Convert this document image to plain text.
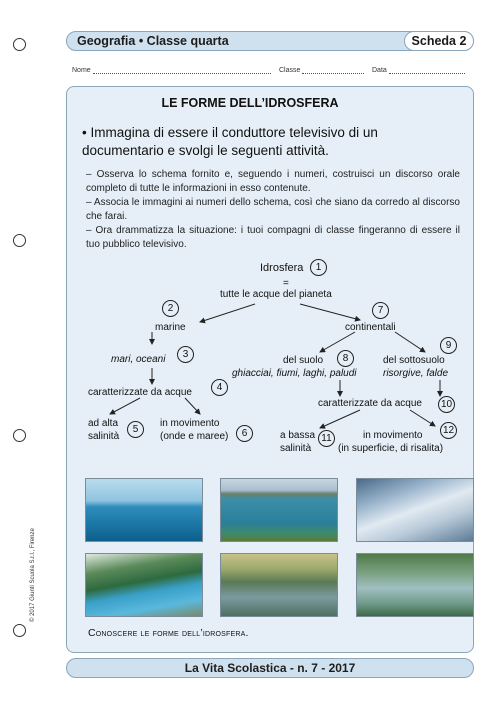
Geografia • Classe quarta	Scheda 2
Nome	Classe	Data
LE FORME DELL’IDROSFERA
• Immagina di essere il conduttore televisivo di un documentario e svolgi le seguenti attività.

– Osserva lo schema fornito e, seguendo i numeri, costruisci un discorso orale completo di tutte le informazioni in esso contenute.

– Associa le immagini ai numeri dello schema, così che siano da corredo al discorso che farai.

– Ora drammatizza la situazione: i tuoi compagni di classe fingeranno di essere il tuo pubblico televisivo.

Idrosfera
=
tutte le acque del pianeta
marine	continentali
mari, oceani	del suolo	del sottosuolo
ghiacciai, fiumi, laghi, paludi	risorgive, falde
caratterizzate da acque
caratterizzate da acque
ad alta
salinità
in movimento
(onde e maree)	a bassa
salinità
in movimento
(in superficie, di risalita)
1
2
3
4
5	6
7
8
9
10
11
12
Conoscere le forme dell’idrosfera.
La Vita Scolastica - n. 7 - 2017
© 2017 Giunti Scuola S.r.l., Firenze
